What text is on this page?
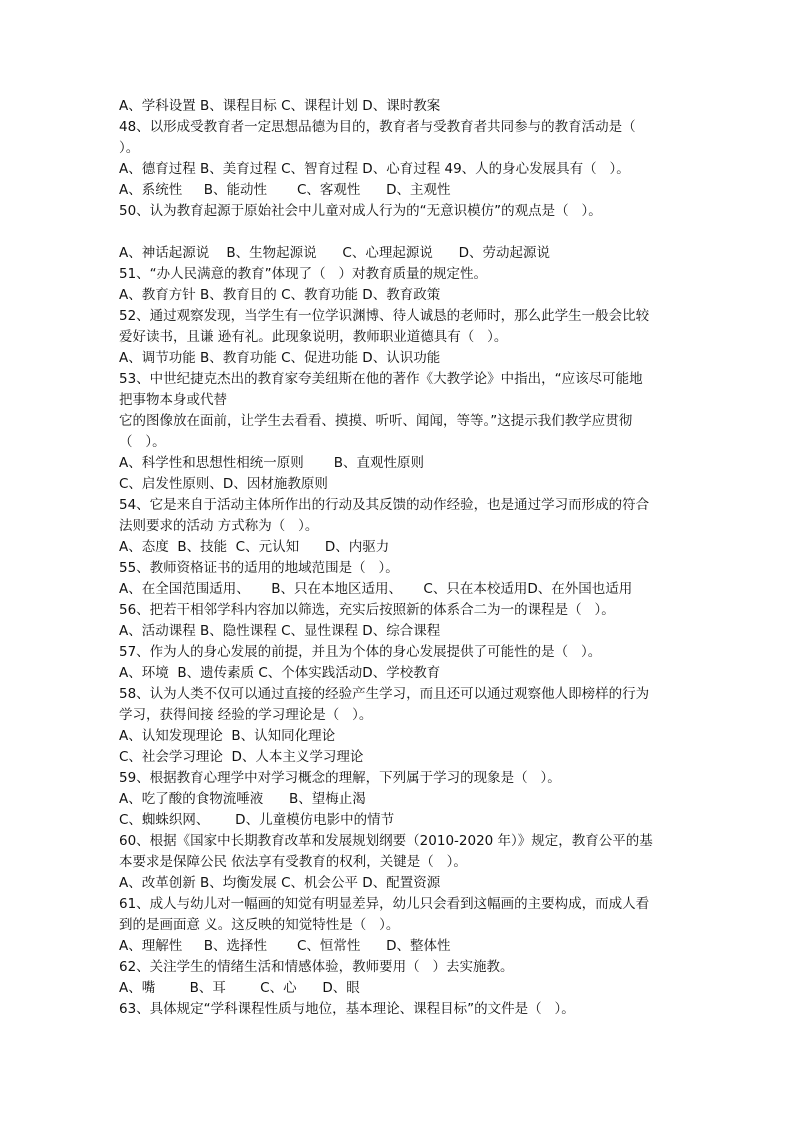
A、学科设置 B、课程目标 C、课程计划 D、课时教案
48、以形成受教育者一定思想品德为目的，教育者与受教育者共同参与的教育活动是（
）。
A、德育过程 B、美育过程 C、智育过程 D、心育过程 49、人的身心发展具有（   ）。
A、系统性     B、能动性       C、客观性      D、主观性
50、认为教育起源于原始社会中儿童对成人行为的“无意识模仿”的观点是（   ）。
A、神话起源说    B、生物起源说      C、心理起源说      D、劳动起源说
51、“办人民满意的教育”体现了（   ）对教育质量的规定性。
A、教育方针 B、教育目的 C、教育功能 D、教育政策
52、通过观察发现，当学生有一位学识渊博、待人诚恳的老师时，那么此学生一般会比较
爱好读书，且谦 逊有礼。此现象说明，教师职业道德具有（   ）。
A、调节功能 B、教育功能 C、促进功能 D、认识功能
53、中世纪捷克杰出的教育家夸美纽斯在他的著作《大教学论》中指出，“应该尽可能地
把事物本身或代替
它的图像放在面前，让学生去看看、摸摸、听听、闻闻，等等。”这提示我们教学应贯彻
（   ）。
A、科学性和思想性相统一原则       B、直观性原则
C、启发性原则、D、因材施教原则
54、它是来自于活动主体所作出的行动及其反馈的动作经验，也是通过学习而形成的符合
法则要求的活动 方式称为（   ）。
A、态度  B、技能  C、元认知      D、内驱力
55、教师资格证书的适用的地域范围是（   ）。
A、在全国范围适用、     B、只在本地区适用、     C、只在本校适用D、在外国也适用
56、把若干相邻学科内容加以筛选，充实后按照新的体系合二为一的课程是（   ）。
A、活动课程 B、隐性课程 C、显性课程 D、综合课程
57、作为人的身心发展的前提，并且为个体的身心发展提供了可能性的是（   ）。
A、环境  B、遗传素质 C、个体实践活动D、学校教育
58、认为人类不仅可以通过直接的经验产生学习，而且还可以通过观察他人即榜样的行为
学习，获得间接 经验的学习理论是（   ）。
A、认知发现理论  B、认知同化理论
C、社会学习理论  D、人本主义学习理论
59、根据教育心理学中对学习概念的理解，下列属于学习的现象是（   ）。
A、吃了酸的食物流唾液      B、望梅止渴
C、蜘蛛织网、      D、儿童模仿电影中的情节
60、根据《国家中长期教育改革和发展规划纲要（2010-2020 年）》规定，教育公平的基
本要求是保障公民 依法享有受教育的权利，关键是（   ）。
A、改革创新 B、均衡发展 C、机会公平 D、配置资源
61、成人与幼儿对一幅画的知觉有明显差异，幼儿只会看到这幅画的主要构成，而成人看
到的是画面意 义。这反映的知觉特性是（   ）。
A、理解性     B、选择性       C、恒常性      D、整体性
62、关注学生的情绪生活和情感体验，教师要用（   ）去实施教。
A、嘴        B、耳        C、心      D、眼
63、具体规定“学科课程性质与地位，基本理论、课程目标”的文件是（   ）。
